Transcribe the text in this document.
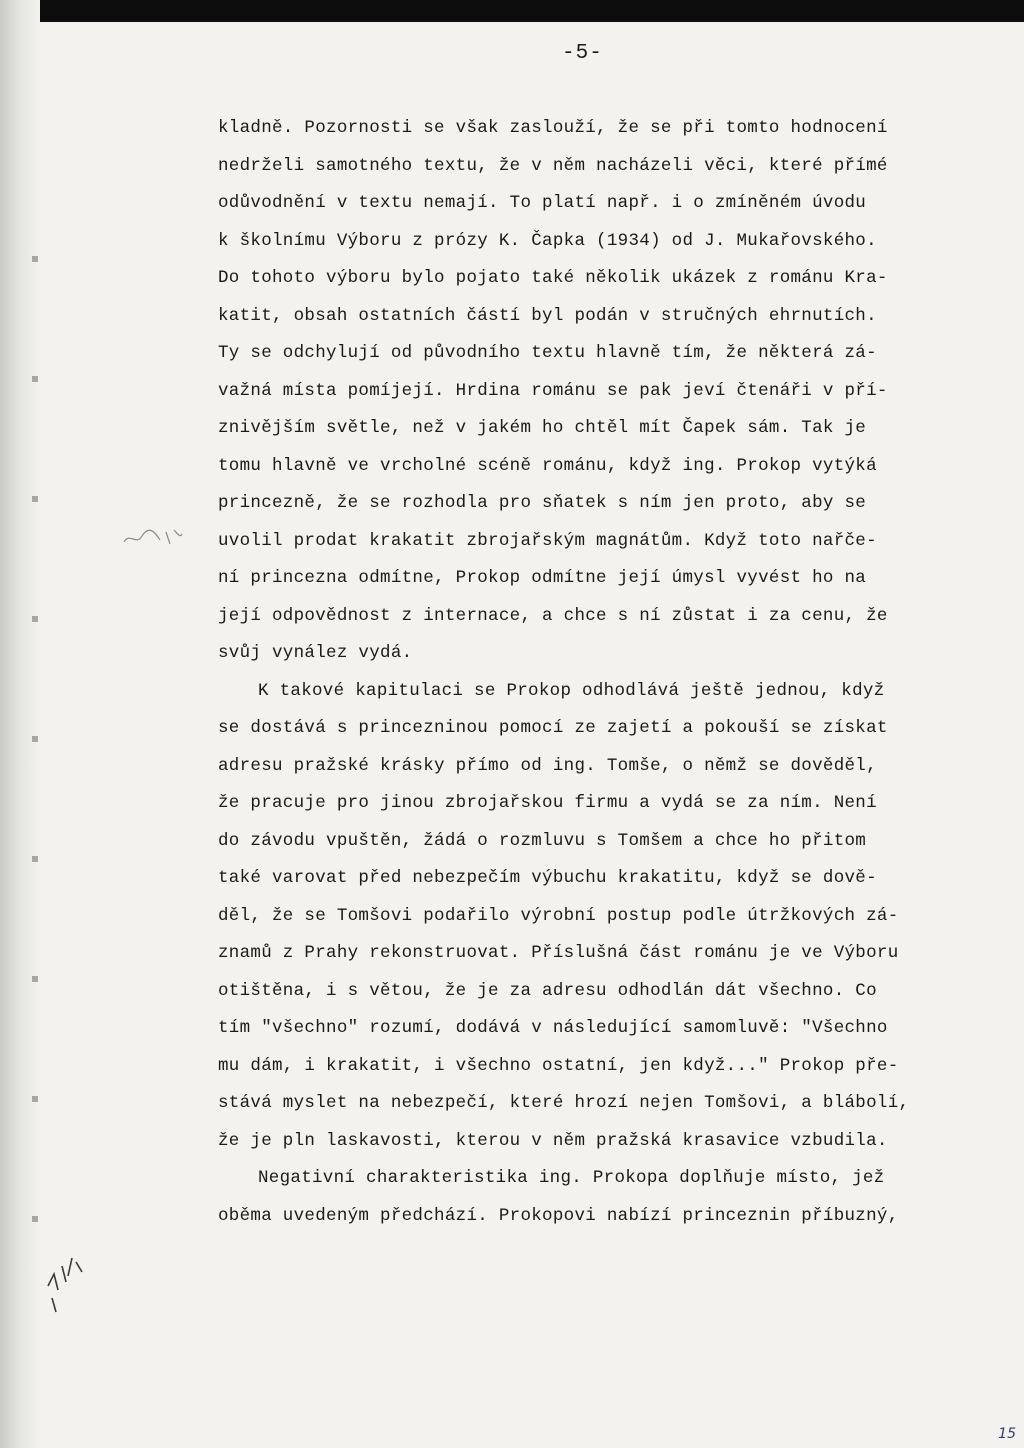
-5-
kladně. Pozornosti se však zaslouží, že se při tomto hodnocení
nedrželi samotného textu, že v něm nacházeli věci, které přímé
odůvodnění v textu nemají. To platí např. i o zmíněném úvodu
k školnímu Výboru z prózy K. Čapka (1934) od J. Mukařovského.
Do tohoto výboru bylo pojato také několik ukázek z románu Kra-
katit, obsah ostatních částí byl podán v stručných ehrnutích.
Ty se odchylují od původního textu hlavně tím, že některá zá-
važná místa pomíjejí. Hrdina románu se pak jeví čtenáři v pří-
znivějším světle, než v jakém ho chtěl mít Čapek sám. Tak je
tomu hlavně ve vrcholné scéně románu, když ing. Prokop vytýká
princezně, že se rozhodla pro sňatek s ním jen proto, aby se
uvolil prodat krakatit zbrojařským magnátům. Když toto nařče-
ní princezna odmítne, Prokop odmítne její úmysl vyvést ho na
její odpovědnost z internace, a chce s ní zůstat i za cenu, že
svůj vynález vydá.
K takové kapitulaci se Prokop odhodlává ještě jednou, když
se dostává s princezninou pomocí ze zajetí a pokouší se získat
adresu pražské krásky přímo od ing. Tomše, o němž se dověděl,
že pracuje pro jinou zbrojařskou firmu a vydá se za ním. Není
do závodu vpuštěn, žádá o rozmluvu s Tomšem a chce ho přitom
také varovat před nebezpečím výbuchu krakatitu, když se dově-
děl, že se Tomšovi podařilo výrobní postup podle útržkových zá-
znamů z Prahy rekonstruovat. Příslušná část románu je ve Výboru
otištěna, i s větou, že je za adresu odhodlán dát všechno. Co
tím "všechno" rozumí, dodává v následující samomluvě: "Všechno
mu dám, i krakatit, i všechno ostatní, jen když..." Prokop pře-
stává myslet na nebezpečí, které hrozí nejen Tomšovi, a blábolí,
že je pln laskavosti, kterou v něm pražská krasavice vzbudila.
Negativní charakteristika ing. Prokopa doplňuje místo, jež
oběma uvedeným předchází. Prokopovi nabízí princeznin příbuzný,
15
